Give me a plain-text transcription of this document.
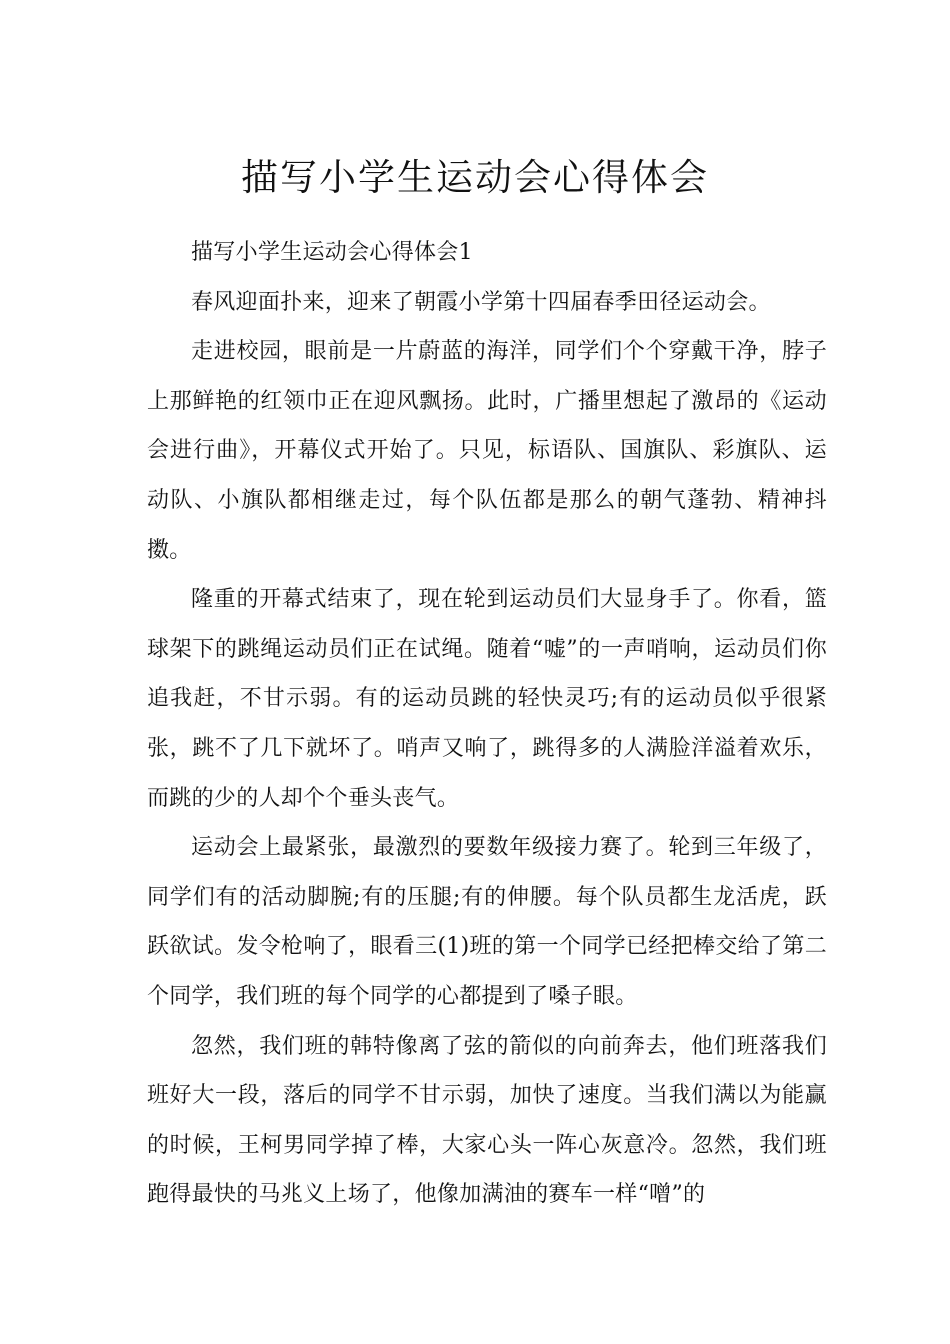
描写小学生运动会心得体会

描写小学生运动会心得体会1

春风迎面扑来，迎来了朝霞小学第十四届春季田径运动会。

走进校园，眼前是一片蔚蓝的海洋，同学们个个穿戴干净，脖子上那鲜艳的红领巾正在迎风飘扬。此时，广播里想起了激昂的《运动会进行曲》，开幕仪式开始了。只见，标语队、国旗队、彩旗队、运动队、小旗队都相继走过，每个队伍都是那么的朝气蓬勃、精神抖擞。

隆重的开幕式结束了，现在轮到运动员们大显身手了。你看，篮球架下的跳绳运动员们正在试绳。随着“嘘”的一声哨响，运动员们你追我赶，不甘示弱。有的运动员跳的轻快灵巧;有的运动员似乎很紧张，跳不了几下就坏了。哨声又响了，跳得多的人满脸洋溢着欢乐，而跳的少的人却个个垂头丧气。

运动会上最紧张，最激烈的要数年级接力赛了。轮到三年级了，同学们有的活动脚腕;有的压腿;有的伸腰。每个队员都生龙活虎，跃跃欲试。发令枪响了，眼看三(1)班的第一个同学已经把棒交给了第二个同学，我们班的每个同学的心都提到了嗓子眼。

忽然，我们班的韩特像离了弦的箭似的向前奔去，他们班落我们班好大一段，落后的同学不甘示弱，加快了速度。当我们满以为能赢的时候，王柯男同学掉了棒，大家心头一阵心灰意冷。忽然，我们班跑得最快的马兆义上场了，他像加满油的赛车一样“噌”的
